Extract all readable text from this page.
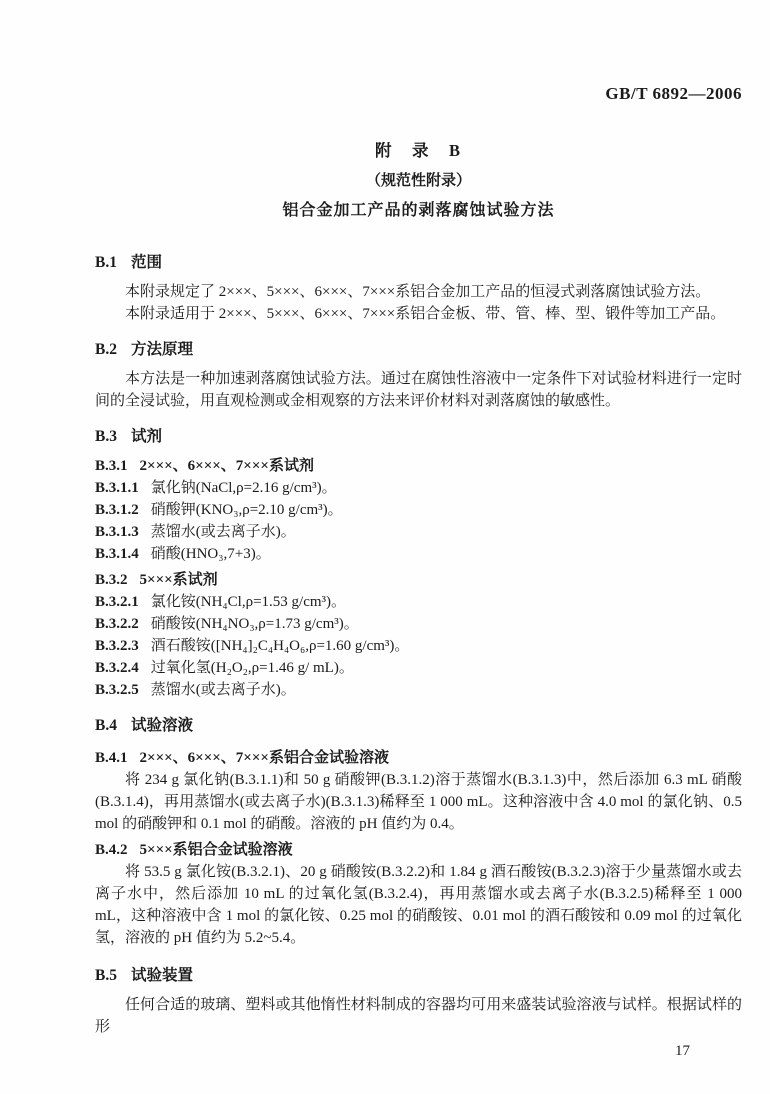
GB/T 6892—2006
附　录　B
（规范性附录）
铝合金加工产品的剥落腐蚀试验方法
B.1 范围

本附录规定了 2×××、5×××、6×××、7×××系铝合金加工产品的恒浸式剥落腐蚀试验方法。

本附录适用于 2×××、5×××、6×××、7×××系铝合金板、带、管、棒、型、锻件等加工产品。

B.2 方法原理

本方法是一种加速剥落腐蚀试验方法。通过在腐蚀性溶液中一定条件下对试验材料进行一定时间的全浸试验，用直观检测或金相观察的方法来评价材料对剥落腐蚀的敏感性。

B.3 试剂
B.3.1 2×××、6×××、7×××系试剂
B.3.1.1 氯化钠(NaCl,ρ=2.16 g/cm³)。
B.3.1.2 硝酸钾(KNO₃,ρ=2.10 g/cm³)。
B.3.1.3 蒸馏水(或去离子水)。
B.3.1.4 硝酸(HNO₃,7+3)。
B.3.2 5×××系试剂
B.3.2.1 氯化铵(NH₄Cl,ρ=1.53 g/cm³)。
B.3.2.2 硝酸铵(NH₄NO₃,ρ=1.73 g/cm³)。
B.3.2.3 酒石酸铵([NH₄]₂C₄H₄O₆,ρ=1.60 g/cm³)。
B.3.2.4 过氧化氢(H₂O₂,ρ=1.46 g/ mL)。
B.3.2.5 蒸馏水(或去离子水)。
B.4 试验溶液
B.4.1 2×××、6×××、7×××系铝合金试验溶液

将 234 g 氯化钠(B.3.1.1)和 50 g 硝酸钾(B.3.1.2)溶于蒸馏水(B.3.1.3)中，然后添加 6.3 mL 硝酸(B.3.1.4)，再用蒸馏水(或去离子水)(B.3.1.3)稀释至 1 000 mL。这种溶液中含 4.0 mol 的氯化钠、0.5 mol 的硝酸钾和 0.1 mol 的硝酸。溶液的 pH 值约为 0.4。

B.4.2 5×××系铝合金试验溶液

将 53.5 g 氯化铵(B.3.2.1)、20 g 硝酸铵(B.3.2.2)和 1.84 g 酒石酸铵(B.3.2.3)溶于少量蒸馏水或去离子水中，然后添加 10 mL 的过氧化氢(B.3.2.4)，再用蒸馏水或去离子水(B.3.2.5)稀释至 1 000 mL，这种溶液中含 1 mol 的氯化铵、0.25 mol 的硝酸铵、0.01 mol 的酒石酸铵和 0.09 mol 的过氧化氢，溶液的 pH 值约为 5.2~5.4。

B.5 试验装置

任何合适的玻璃、塑料或其他惰性材料制成的容器均可用来盛装试验溶液与试样。根据试样的形

17
